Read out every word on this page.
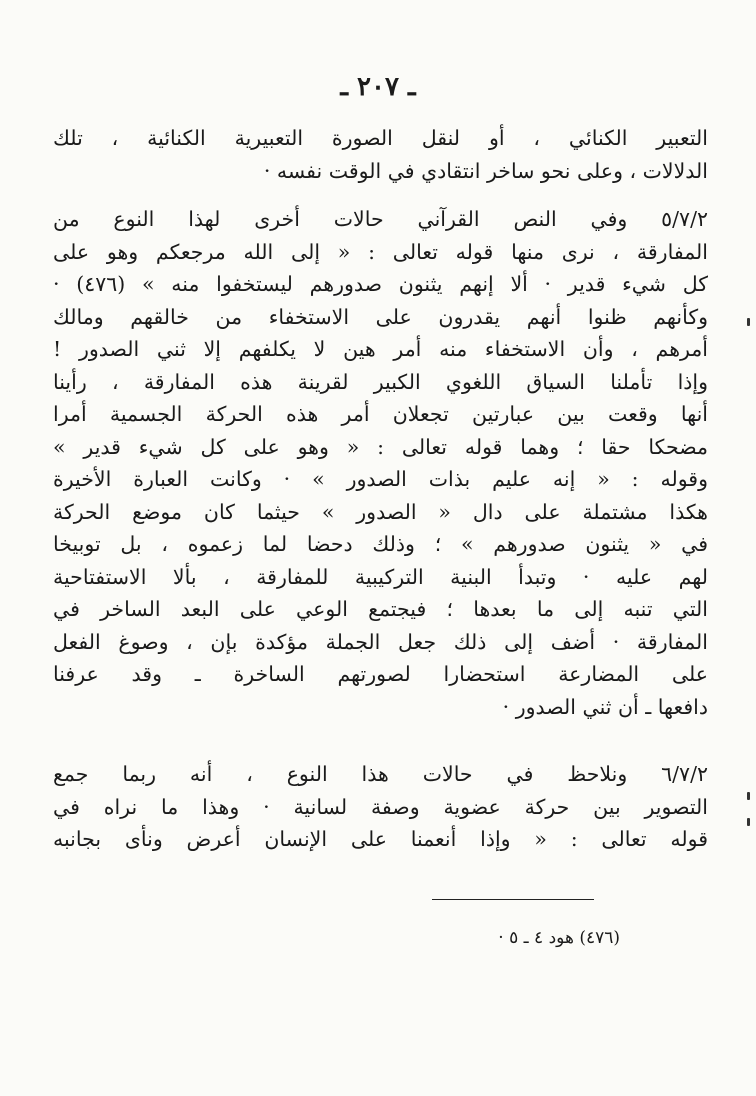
ـ ٢٠٧ ـ

التعبير الكنائي ، أو لنقل الصورة التعبيرية الكنائية ، تلك
الدلالات ، وعلى نحو ساخر انتقادي في الوقت نفسه ·

٥/٧/٢ وفي النص القرآني حالات أخرى لهذا النوع من
المفارقة ، نرى منها قوله تعالى : « إلى الله مرجعكم وهو على
كل شيء قدير · ألا إنهم يثنون صدورهم ليستخفوا منه » (٤٧٦) ·
وكأنهم ظنوا أنهم يقدرون على الاستخفاء من خالقهم ومالك
أمرهم ، وأن الاستخفاء منه أمر هين لا يكلفهم إلا ثني الصدور !
وإذا تأملنا السياق اللغوي الكبير لقرينة هذه المفارقة ، رأينا
أنها وقعت بين عبارتين تجعلان أمر هذه الحركة الجسمية أمرا
مضحكا حقا ؛ وهما قوله تعالى : « وهو على كل شيء قدير »
وقوله : « إنه عليم بذات الصدور » · وكانت العبارة الأخيرة
هكذا مشتملة على دال « الصدور » حيثما كان موضع الحركة
في « يثنون صدورهم » ؛ وذلك دحضا لما زعموه ، بل توبيخا
لهم عليه · وتبدأ البنية التركيبية للمفارقة ، بألا الاستفتاحية
التي تنبه إلى ما بعدها ؛ فيجتمع الوعي على البعد الساخر في
المفارقة · أضف إلى ذلك جعل الجملة مؤكدة بإن ، وصوغ الفعل
على المضارعة استحضارا لصورتهم الساخرة ـ وقد عرفنا
دافعها ـ أن ثني الصدور ·

٦/٧/٢ ونلاحظ في حالات هذا النوع ، أنه ربما جمع
التصوير بين حركة عضوية وصفة لسانية · وهذا ما نراه في
قوله تعالى : « وإذا أنعمنا على الإنسان أعرض ونأى بجانبه

(٤٧٦) هود ٤ ـ ٥ ·
